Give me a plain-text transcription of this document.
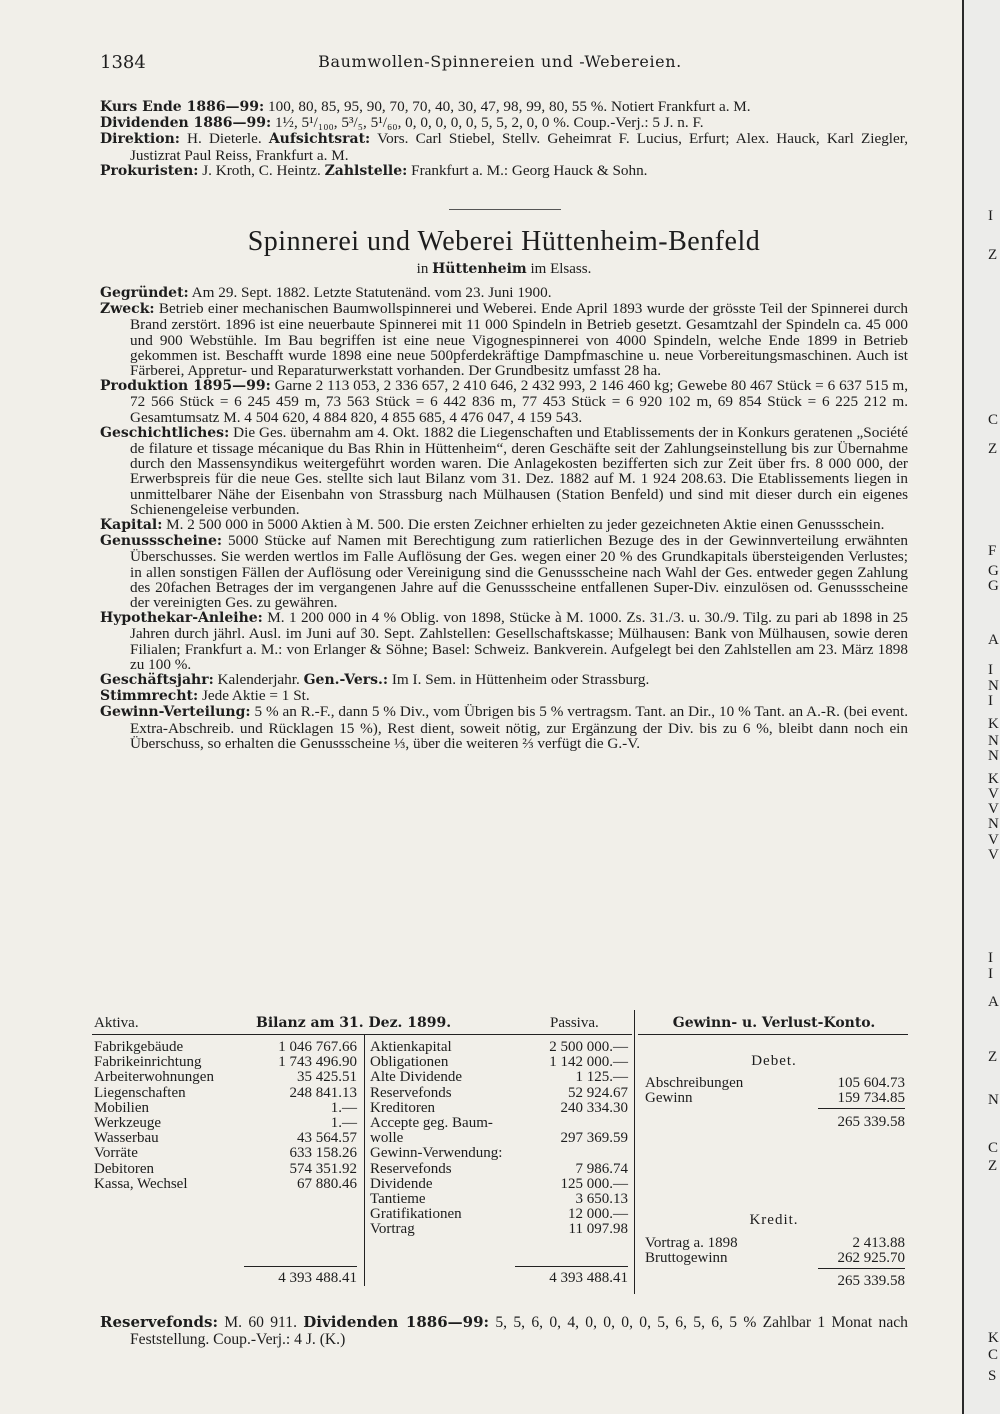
1384	Baumwollen-Spinnereien und -Webereien.

Kurs Ende 1886—99: 100, 80, 85, 95, 90, 70, 70, 40, 30, 47, 98, 99, 80, 55 %. Notiert Frankfurt a. M.

Dividenden 1886—99: 1½, 5¹/₁₀₀, 5³/₅, 5¹/₆₀, 0, 0, 0, 0, 0, 5, 5, 2, 0, 0 %. Coup.-Verj.: 5 J. n. F.

Direktion: H. Dieterle. Aufsichtsrat: Vors. Carl Stiebel, Stellv. Geheimrat F. Lucius, Erfurt; Alex. Hauck, Karl Ziegler, Justizrat Paul Reiss, Frankfurt a. M.

Prokuristen: J. Kroth, C. Heintz. Zahlstelle: Frankfurt a. M.: Georg Hauck & Sohn.

Spinnerei und Weberei Hüttenheim-Benfeld
in Hüttenheim im Elsass.

Gegründet: Am 29. Sept. 1882. Letzte Statutenänd. vom 23. Juni 1900.

Zweck: Betrieb einer mechanischen Baumwollspinnerei und Weberei. Ende April 1893 wurde der grösste Teil der Spinnerei durch Brand zerstört. 1896 ist eine neuerbaute Spinnerei mit 11 000 Spindeln in Betrieb gesetzt. Gesamtzahl der Spindeln ca. 45 000 und 900 Webstühle. Im Bau begriffen ist eine neue Vigognespinnerei von 4000 Spindeln, welche Ende 1899 in Betrieb gekommen ist. Beschafft wurde 1898 eine neue 500pferdekräftige Dampfmaschine u. neue Vorbereitungsmaschinen. Auch ist Färberei, Appretur- und Reparaturwerkstatt vorhanden. Der Grundbesitz umfasst 28 ha.

Produktion 1895—99: Garne 2 113 053, 2 336 657, 2 410 646, 2 432 993, 2 146 460 kg; Gewebe 80 467 Stück = 6 637 515 m, 72 566 Stück = 6 245 459 m, 73 563 Stück = 6 442 836 m, 77 453 Stück = 6 920 102 m, 69 854 Stück = 6 225 212 m. Gesamtumsatz M. 4 504 620, 4 884 820, 4 855 685, 4 476 047, 4 159 543.

Geschichtliches: Die Ges. übernahm am 4. Okt. 1882 die Liegenschaften und Etablissements der in Konkurs geratenen „Société de filature et tissage mécanique du Bas Rhin in Hüttenheim“, deren Geschäfte seit der Zahlungseinstellung bis zur Übernahme durch den Massensyndikus weitergeführt worden waren. Die Anlagekosten bezifferten sich zur Zeit über frs. 8 000 000, der Erwerbspreis für die neue Ges. stellte sich laut Bilanz vom 31. Dez. 1882 auf M. 1 924 208.63. Die Etablissements liegen in unmittelbarer Nähe der Eisenbahn von Strassburg nach Mülhausen (Station Benfeld) und sind mit dieser durch ein eigenes Schienengeleise verbunden.

Kapital: M. 2 500 000 in 5000 Aktien à M. 500. Die ersten Zeichner erhielten zu jeder gezeichneten Aktie einen Genussschein.

Genussscheine: 5000 Stücke auf Namen mit Berechtigung zum ratierlichen Bezuge des in der Gewinnverteilung erwähnten Überschusses. Sie werden wertlos im Falle Auflösung der Ges. wegen einer 20 % des Grundkapitals übersteigenden Verlustes; in allen sonstigen Fällen der Auflösung oder Vereinigung sind die Genussscheine nach Wahl der Ges. entweder gegen Zahlung des 20fachen Betrages der im vergangenen Jahre auf die Genussscheine entfallenen Super-Div. einzulösen od. Genussscheine der vereinigten Ges. zu gewähren.

Hypothekar-Anleihe: M. 1 200 000 in 4 % Oblig. von 1898, Stücke à M. 1000. Zs. 31./3. u. 30./9. Tilg. zu pari ab 1898 in 25 Jahren durch jährl. Ausl. im Juni auf 30. Sept. Zahlstellen: Gesellschaftskasse; Mülhausen: Bank von Mülhausen, sowie deren Filialen; Frankfurt a. M.: von Erlanger & Söhne; Basel: Schweiz. Bankverein. Aufgelegt bei den Zahlstellen am 23. März 1898 zu 100 %.

Geschäftsjahr: Kalenderjahr. Gen.-Vers.: Im I. Sem. in Hüttenheim oder Strassburg.

Stimmrecht: Jede Aktie = 1 St.

Gewinn-Verteilung: 5 % an R.-F., dann 5 % Div., vom Übrigen bis 5 % vertragsm. Tant. an Dir., 10 % Tant. an A.-R. (bei event. Extra-Abschreib. und Rücklagen 15 %), Rest dient, soweit nötig, zur Ergänzung der Div. bis zu 6 %, bleibt dann noch ein Überschuss, so erhalten die Genussscheine ⅓, über die weiteren ⅔ verfügt die G.-V.

Aktiva.	Bilanz am 31. Dez. 1899.	Passiva.
Fabrikgebäude	1 046 767.66
Fabrikeinrichtung	1 743 496.90
Arbeiterwohnungen	35 425.51
Liegenschaften	248 841.13
Mobilien	1.—
Werkzeuge	1.—
Wasserbau	43 564.57
Vorräte	633 158.26
Debitoren	574 351.92
Kassa, Wechsel	67 880.46
4 393 488.41
Aktienkapital	2 500 000.—
Obligationen	1 142 000.—
Alte Dividende	1 125.—
Reservefonds	52 924.67
Kreditoren	240 334.30
Accepte geg. Baum-
wolle	297 369.59
Gewinn-Verwendung:
Reservefonds	7 986.74
Dividende	125 000.—
Tantieme	3 650.13
Gratifikationen	12 000.—
Vortrag	11 097.98
4 393 488.41
Gewinn- u. Verlust-Konto.
Debet.
Abschreibungen	105 604.73
Gewinn	159 734.85
265 339.58
Kredit.
Vortrag a. 1898	2 413.88
Bruttogewinn	262 925.70
265 339.58

Reservefonds: M. 60 911. Dividenden 1886—99: 5, 5, 6, 0, 4, 0, 0, 0, 0, 5, 6, 5, 6, 5 % Zahlbar 1 Monat nach Feststellung. Coup.-Verj.: 4 J. (K.)

I
Z
C
Z
F
G
G
A
I
N
I
K
N
N
K
V
V
N
V
V
I
I
A
Z
N
C
Z
K
C
S
